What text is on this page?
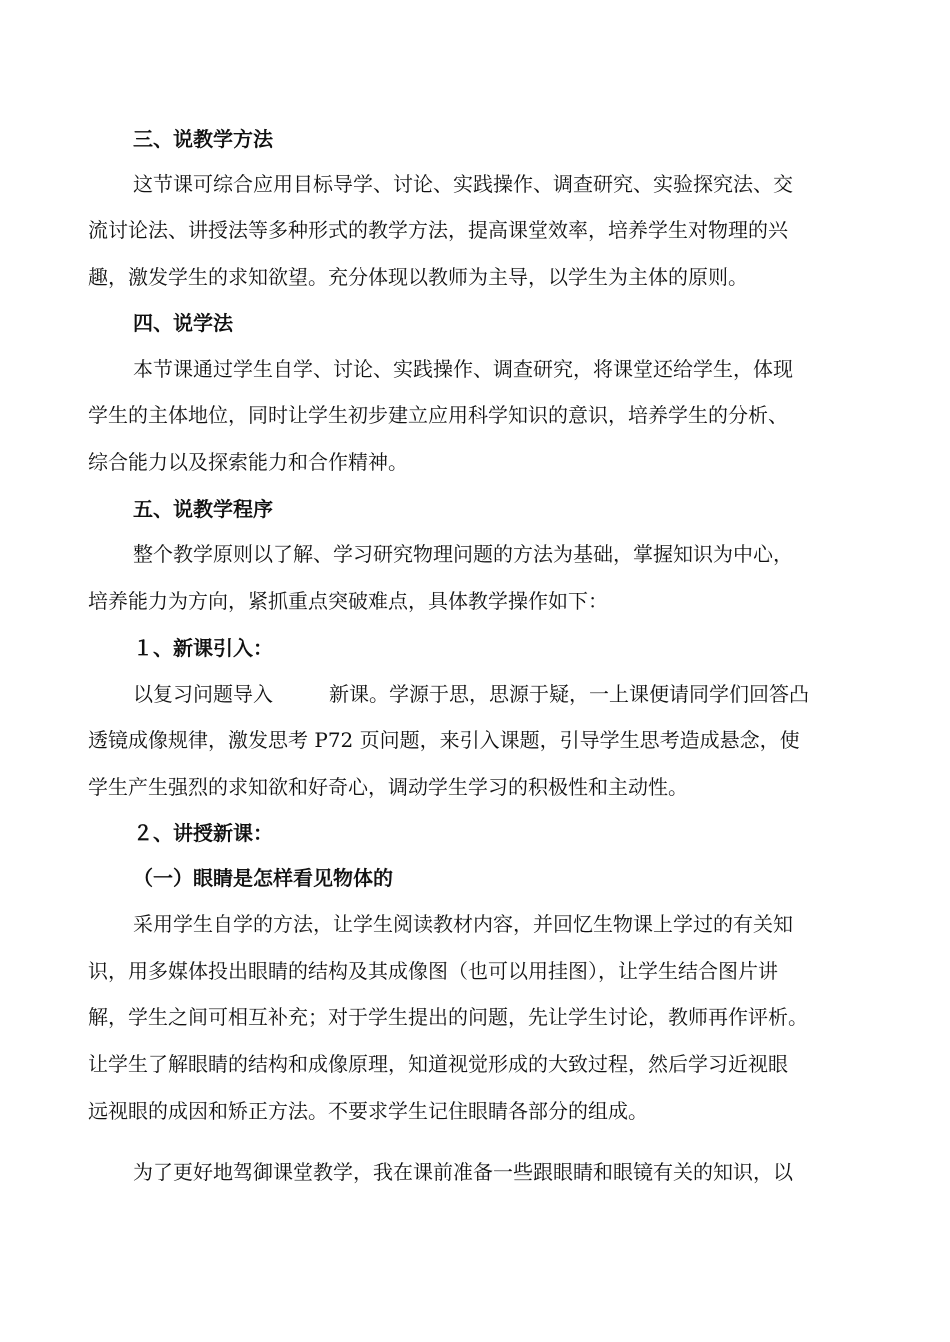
三、说教学方法
这节课可综合应用目标导学、讨论、实践操作、调查研究、实验探究法、交
流讨论法、讲授法等多种形式的教学方法，提高课堂效率，培养学生对物理的兴
趣，激发学生的求知欲望。充分体现以教师为主导，以学生为主体的原则。
四、说学法
本节课通过学生自学、讨论、实践操作、调查研究，将课堂还给学生，体现
学生的主体地位，同时让学生初步建立应用科学知识的意识，培养学生的分析、
综合能力以及探索能力和合作精神。
五、说教学程序
整个教学原则以了解、学习研究物理问题的方法为基础，掌握知识为中心，
培养能力为方向，紧抓重点突破难点，具体教学操作如下：
１、新课引入：
以复习问题导入	新课。学源于思，思源于疑，一上课便请同学们回答凸
透镜成像规律，激发思考 P72 页问题，来引入课题，引导学生思考造成悬念，使
学生产生强烈的求知欲和好奇心，调动学生学习的积极性和主动性。
２、讲授新课：
（一）眼睛是怎样看见物体的
采用学生自学的方法，让学生阅读教材内容，并回忆生物课上学过的有关知
识，用多媒体投出眼睛的结构及其成像图（也可以用挂图），让学生结合图片讲
解，学生之间可相互补充；对于学生提出的问题，先让学生讨论，教师再作评析。
让学生了解眼睛的结构和成像原理，知道视觉形成的大致过程，然后学习近视眼
远视眼的成因和矫正方法。不要求学生记住眼睛各部分的组成。
为了更好地驾御课堂教学，我在课前准备一些跟眼睛和眼镜有关的知识，以
